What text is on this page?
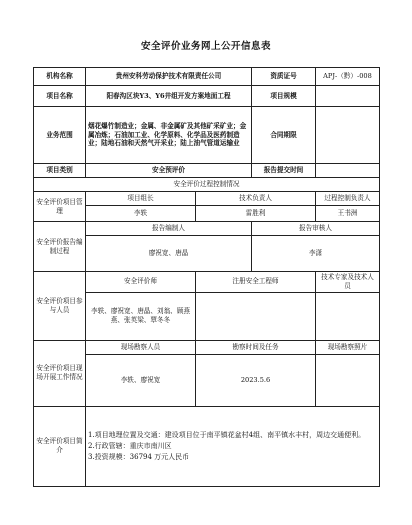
安全评价业务网上公开信息表
机构名称	贵州安科劳动保护技术有限责任公司		资质证号	APJ-（黔）-008
项目名称	阳春沟区块Y3、Y6井组开发方案地面工程		项目规模	
业务范围	烟花爆竹制造业；金属、非金属矿及其他矿采矿业；金属冶炼；石油加工业、化学原料、化学品及医药制造业；陆地石油和天然气开采业；陆上油气管道运输业		合同期限	
项目类别	安全预评价		报告提交时间	
安全评价过程控制情况				

安全评价项目管理	项目组长	技术负责人		过程控制负责人
	李轶	雷胜利		王书洲

安全评价报告编制过程	报告编制人		报告审核人	
	廖祝宽、唐晶		李潇	

安全评价项目参与人员	安全评价师	注册安全工程师		技术专家及技术人员

	李轶、廖祝宽、唐晶、刘翁、顾燕燕、张英梁、覃冬冬			

安全评价项目现场开展工作情况	现场勘察人员	勘察时间及任务		现场勘察照片
	李轶、廖祝宽	2023.5.6		

安全评价项目简介	1.项目地理位置及交通：建设项目位于南平镇花盆村4组、南平镇水丰村，周边交通便利。
2.行政管辖：重庆市南川区
3.投资规模：36794 万元人民币			
